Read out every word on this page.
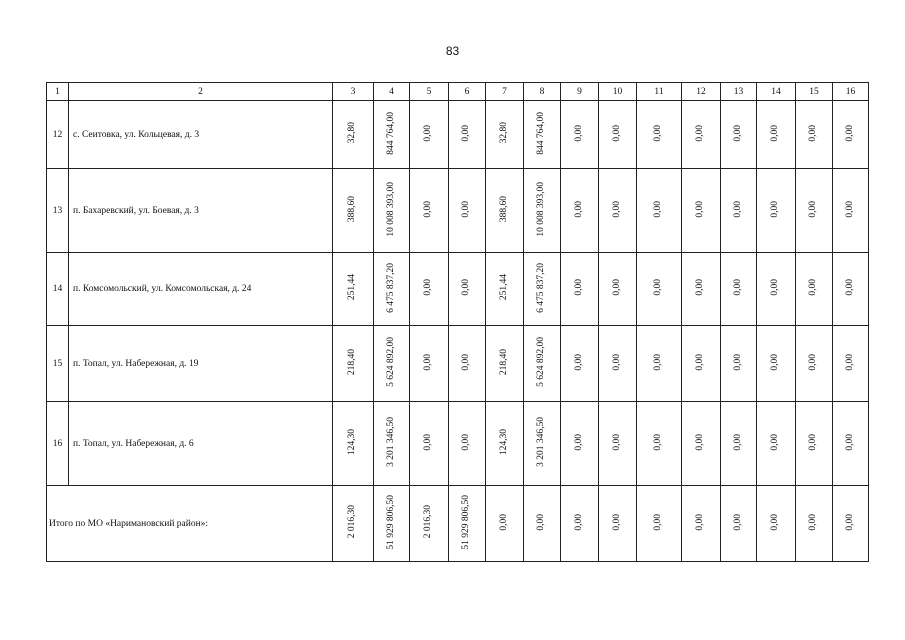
83
1	2	3	4	5	6	7	8	9	10	11	12	13	14	15	16
12	с. Сеитовка, ул. Кольцевая, д. 3	32,80	844 764,00	0,00	0,00	32,80	844 764,00	0,00	0,00	0,00	0,00	0,00	0,00	0,00	0,00
13	п. Бахаревский, ул. Боевая, д. 3	388,60	10 008 393,00	0,00	0,00	388,60	10 008 393,00	0,00	0,00	0,00	0,00	0,00	0,00	0,00	0,00
14	п. Комсомольский, ул. Комсомольская, д. 24	251,44	6 475 837,20	0,00	0,00	251,44	6 475 837,20	0,00	0,00	0,00	0,00	0,00	0,00	0,00	0,00
15	п. Топал, ул. Набережная, д. 19	218,40	5 624 892,00	0,00	0,00	218,40	5 624 892,00	0,00	0,00	0,00	0,00	0,00	0,00	0,00	0,00
16	п. Топал, ул. Набережная, д. 6	124,30	3 201 346,50	0,00	0,00	124,30	3 201 346,50	0,00	0,00	0,00	0,00	0,00	0,00	0,00	0,00
Итого по МО «Наримановский район»:		2 016,30	51 929 806,50	2 016,30	51 929 806,50	0,00	0,00	0,00	0,00	0,00	0,00	0,00	0,00	0,00	0,00
